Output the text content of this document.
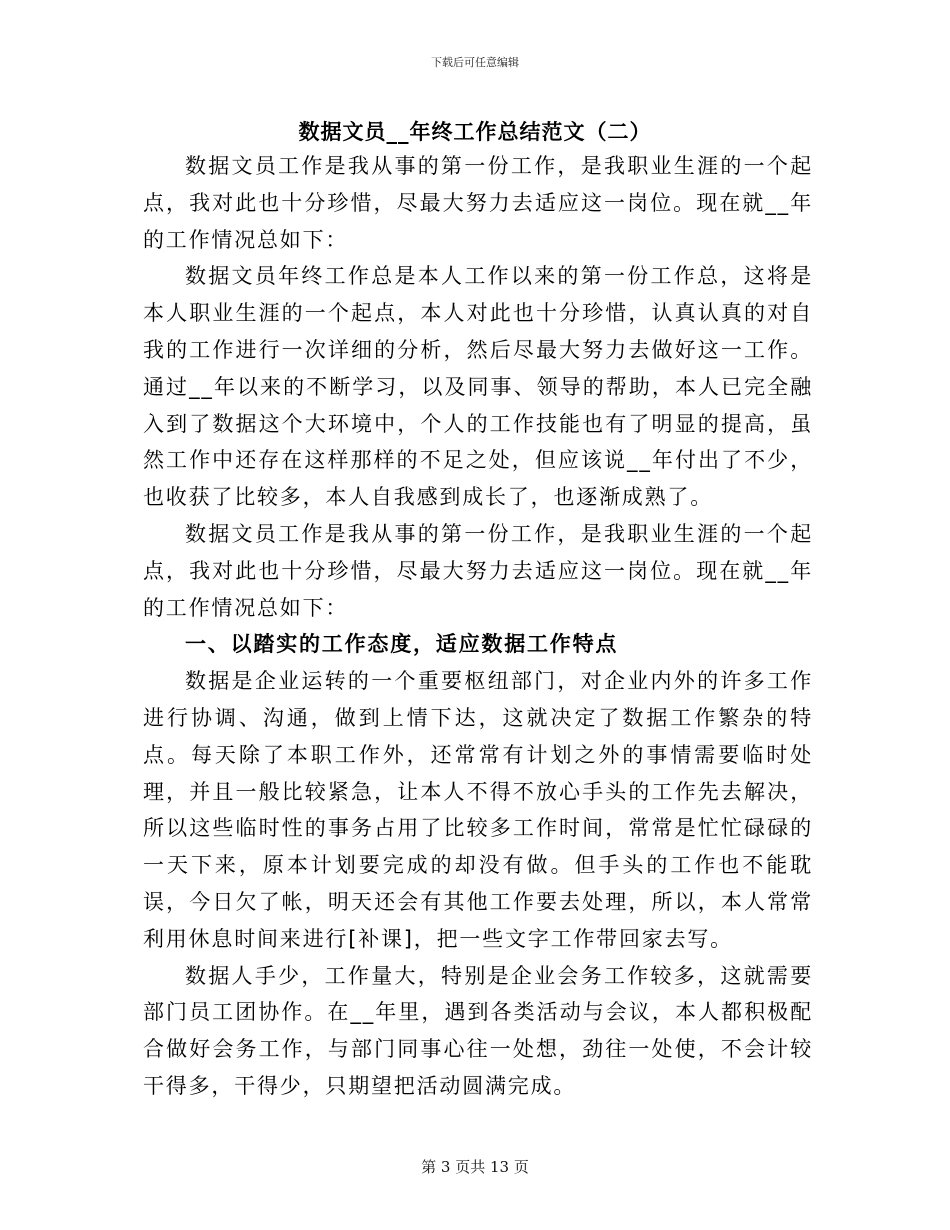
下载后可任意编辑
数据文员__年终工作总结范文（二）

数据文员工作是我从事的第一份工作，是我职业生涯的一个起点，我对此也十分珍惜，尽最大努力去适应这一岗位。现在就__年的工作情况总如下：

数据文员年终工作总是本人工作以来的第一份工作总，这将是本人职业生涯的一个起点，本人对此也十分珍惜，认真认真的对自我的工作进行一次详细的分析，然后尽最大努力去做好这一工作。通过__年以来的不断学习，以及同事、领导的帮助，本人已完全融入到了数据这个大环境中，个人的工作技能也有了明显的提高，虽然工作中还存在这样那样的不足之处，但应该说__年付出了不少，也收获了比较多，本人自我感到成长了，也逐渐成熟了。

数据文员工作是我从事的第一份工作，是我职业生涯的一个起点，我对此也十分珍惜，尽最大努力去适应这一岗位。现在就__年的工作情况总如下：

一、以踏实的工作态度，适应数据工作特点

数据是企业运转的一个重要枢纽部门，对企业内外的许多工作进行协调、沟通，做到上情下达，这就决定了数据工作繁杂的特点。每天除了本职工作外，还常常有计划之外的事情需要临时处理，并且一般比较紧急，让本人不得不放心手头的工作先去解决，所以这些临时性的事务占用了比较多工作时间，常常是忙忙碌碌的一天下来，原本计划要完成的却没有做。但手头的工作也不能耽误，今日欠了帐，明天还会有其他工作要去处理，所以，本人常常利用休息时间来进行[补课]，把一些文字工作带回家去写。

数据人手少，工作量大，特别是企业会务工作较多，这就需要部门员工团协作。在__年里，遇到各类活动与会议，本人都积极配合做好会务工作，与部门同事心往一处想，劲往一处使，不会计较干得多，干得少，只期望把活动圆满完成。

第 3 页共 13 页
